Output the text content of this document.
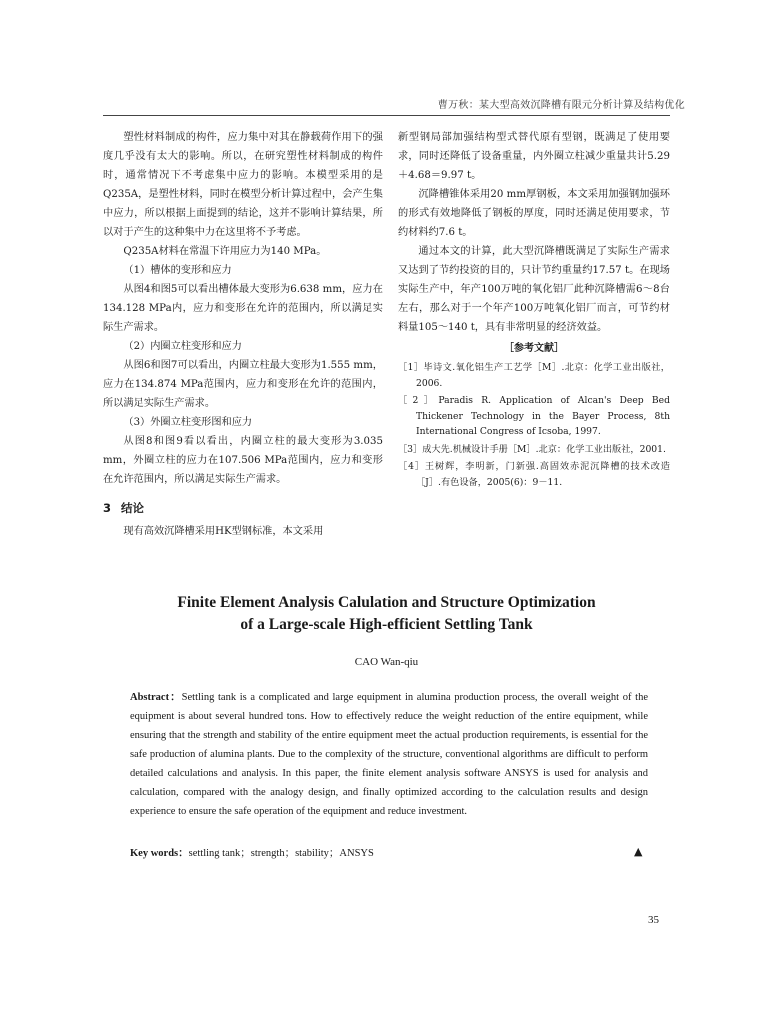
曹万秋：某大型高效沉降槽有限元分析计算及结构优化

塑性材料制成的构件，应力集中对其在静载荷作用下的强度几乎没有太大的影响。所以，在研究塑性材料制成的构件时，通常情况下不考虑集中应力的影响。本模型采用的是Q235A，是塑性材料，同时在模型分析计算过程中，会产生集中应力，所以根据上面提到的结论，这并不影响计算结果，所以对于产生的这种集中力在这里将不予考虑。

Q235A材料在常温下许用应力为140 MPa。

（1）槽体的变形和应力

从图4和图5可以看出槽体最大变形为6.638 mm，应力在134.128 MPa内，应力和变形在允许的范围内，所以满足实际生产需求。

（2）内圈立柱变形和应力

从图6和图7可以看出，内圈立柱最大变形为1.555 mm，应力在134.874 MPa范围内，应力和变形在允许的范围内，所以满足实际生产需求。

（3）外圈立柱变形图和应力

从图8和图9看以看出，内圈立柱的最大变形为3.035 mm，外圈立柱的应力在107.506 MPa范围内，应力和变形在允许范围内，所以满足实际生产需求。

3 结论

现有高效沉降槽采用HK型钢标准，本文采用

新型钢局部加强结构型式替代原有型钢，既满足了使用要求，同时还降低了设备重量，内外圈立柱减少重量共计5.29＋4.68＝9.97 t。

沉降槽锥体采用20 mm厚钢板，本文采用加强钢加强环的形式有效地降低了钢板的厚度，同时还满足使用要求，节约材料约7.6 t。

通过本文的计算，此大型沉降槽既满足了实际生产需求又达到了节约投资的目的，只计节约重量约17.57 t。在现场实际生产中，年产100万吨的氧化铝厂此种沉降槽需6～8台左右，那么对于一个年产100万吨氧化铝厂而言，可节约材料量105～140 t，具有非常明显的经济效益。

［参考文献］

［1］毕诗文.氧化铝生产工艺学［M］.北京：化学工业出版社，2006.

［2］Paradis R. Application of Alcan's Deep Bed Thickener Technology in the Bayer Process, 8th International Congress of Icsoba, 1997.

［3］成大先.机械设计手册［M］.北京：化学工业出版社，2001.

［4］王树辉，李明新，门新强.高固效赤泥沉降槽的技术改造［J］.有色设备，2005(6)：9－11.

Finite Element Analysis Calulation and Structure Optimization
of a Large-scale High-efficient Settling Tank
CAO Wan-qiu
Abstract：Settling tank is a complicated and large equipment in alumina production process, the overall weight of the equipment is about several hundred tons. How to effectively reduce the weight reduction of the entire equipment, while ensuring that the strength and stability of the entire equipment meet the actual production requirements, is essential for the safe production of alumina plants. Due to the complexity of the structure, conventional algorithms are difficult to perform detailed calculations and analysis. In this paper, the finite element analysis software ANSYS is used for analysis and calculation, compared with the analogy design, and finally optimized according to the calculation results and design experience to ensure the safe operation of the equipment and reduce investment.
Key words：settling tank；strength；stability；ANSYS	▲
35
